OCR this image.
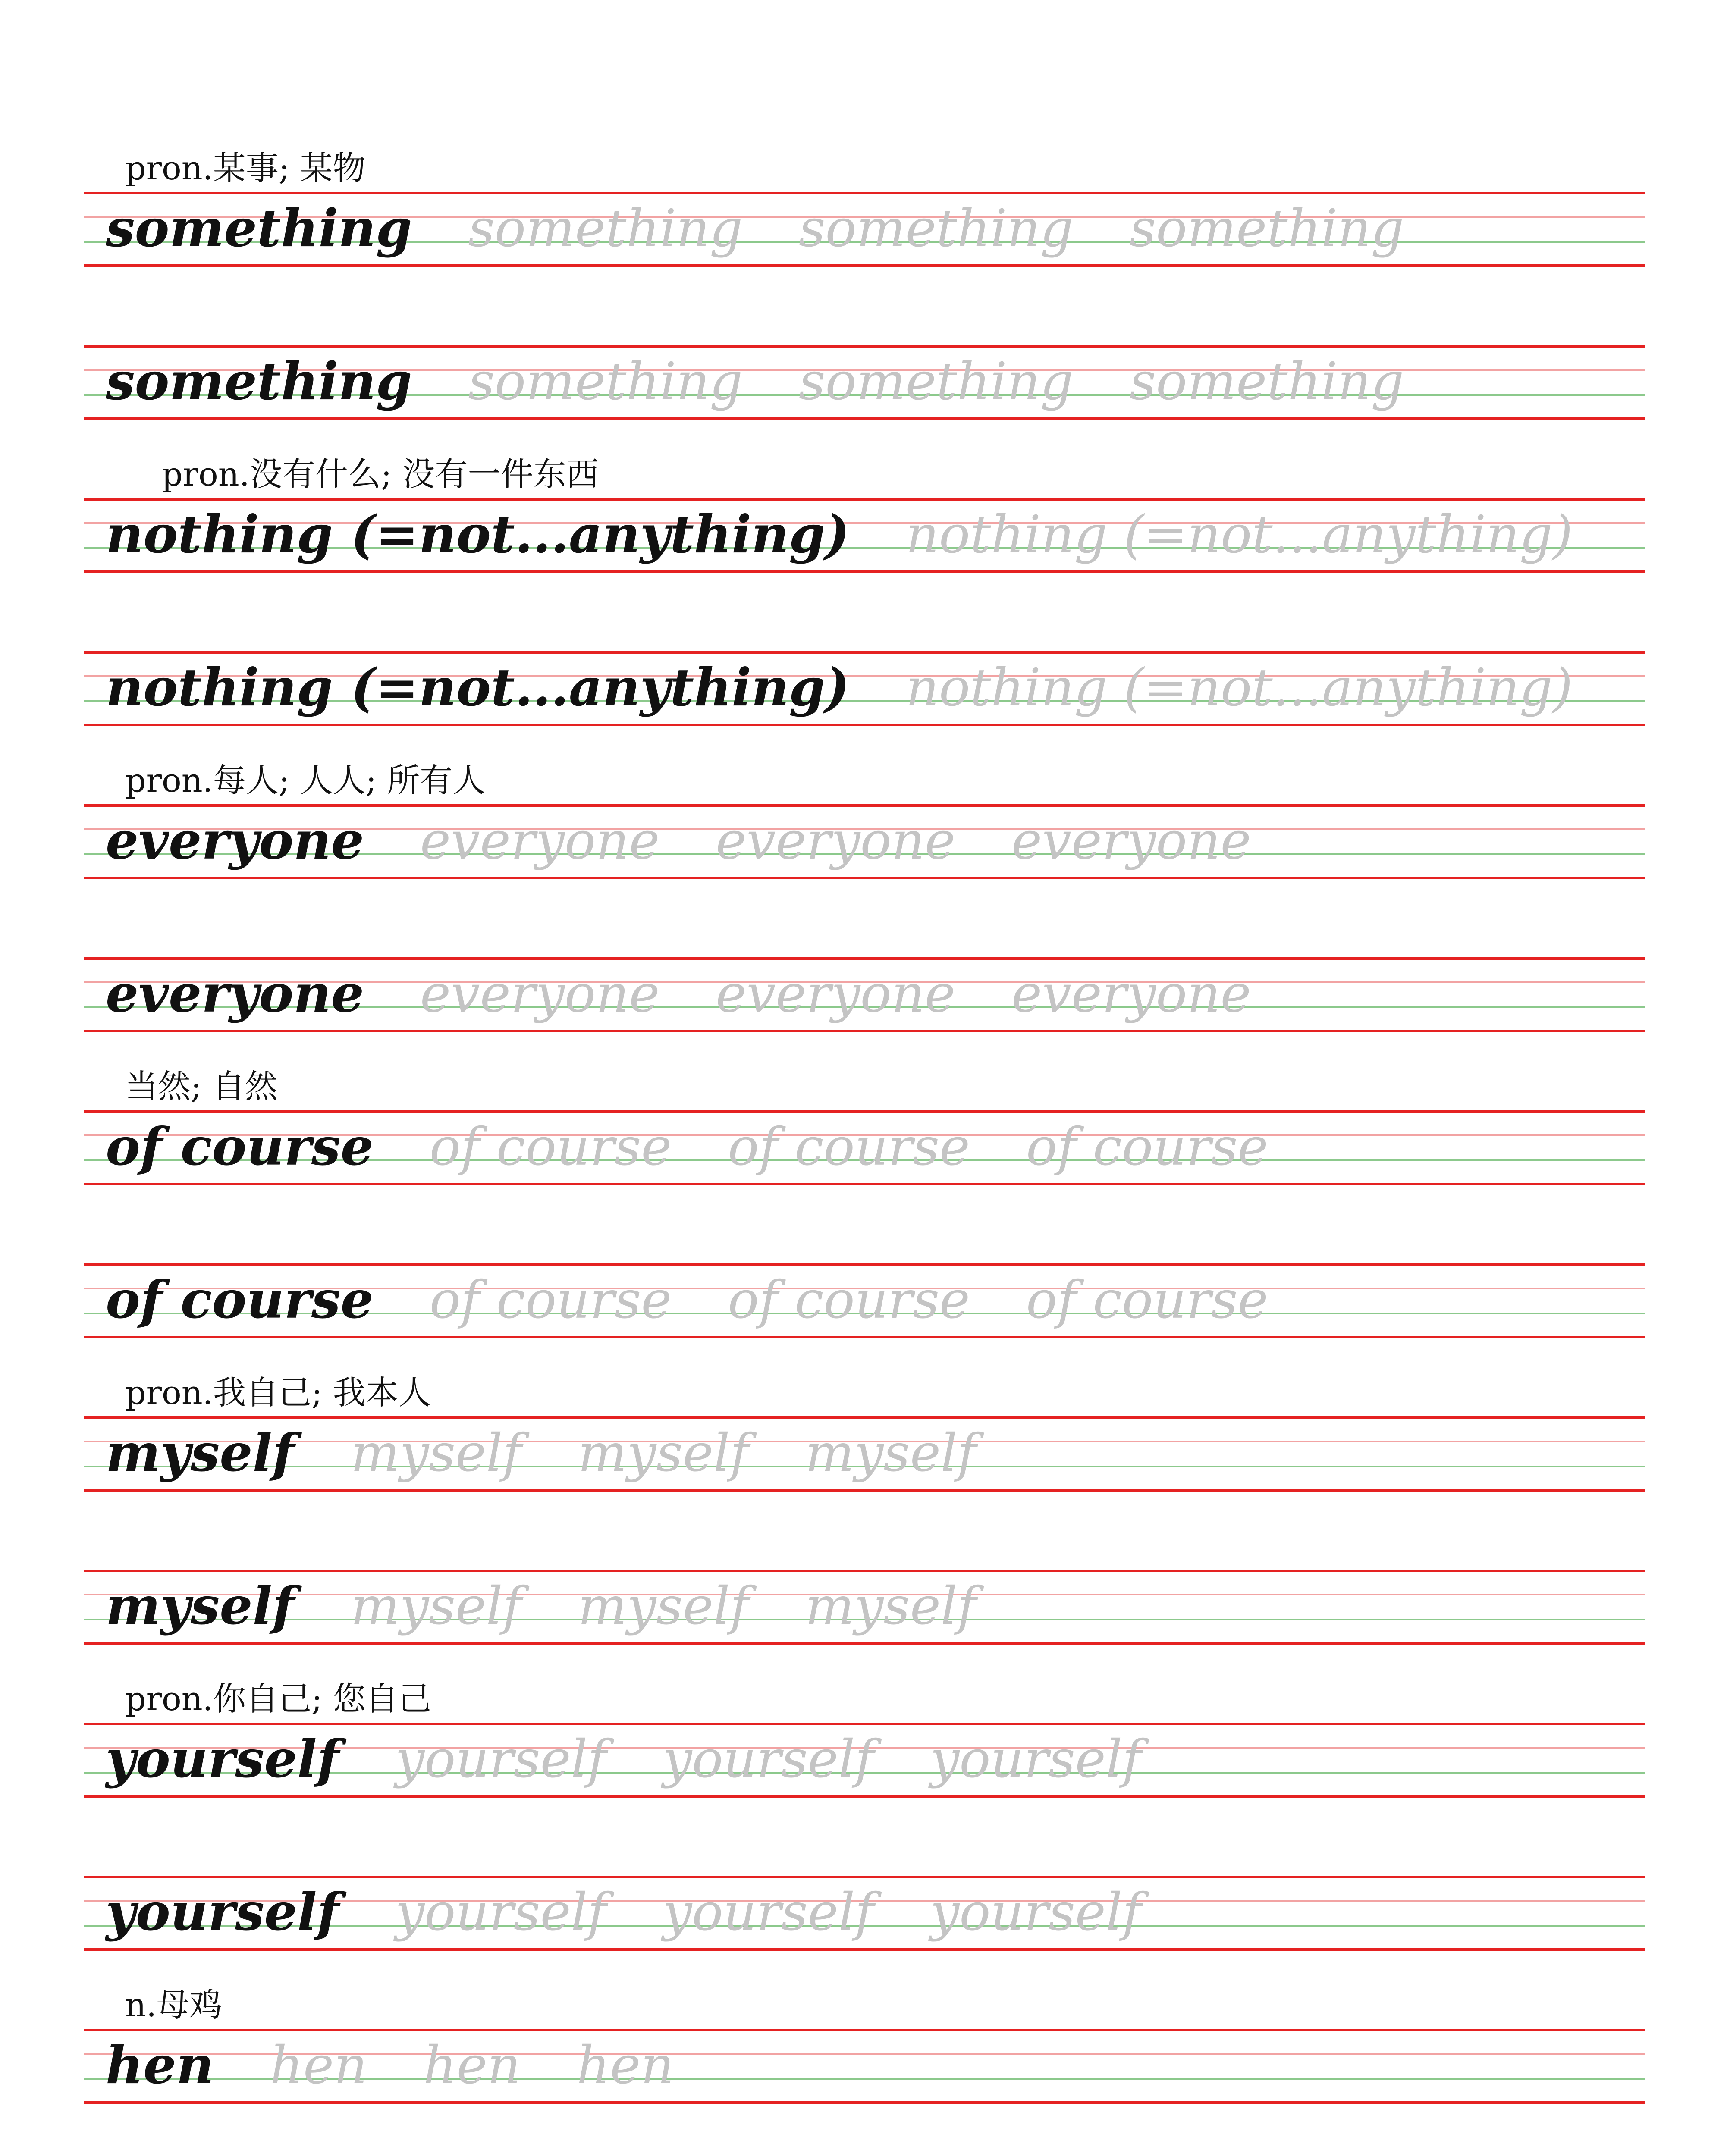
pron.某事; 某物
something something something something
something something something something
pron.没有什么; 没有一件东西
nothing (=not...anything) nothing (=not...anything)
nothing (=not...anything) nothing (=not...anything)
pron.每人; 人人; 所有人
everyone everyone everyone everyone
everyone everyone everyone everyone
当然; 自然
of course of course of course of course
of course of course of course of course
pron.我自己; 我本人
myself myself myself myself
myself myself myself myself
pron.你自己; 您自己
yourself yourself yourself yourself
yourself yourself yourself yourself
n.母鸡
hen hen hen hen
